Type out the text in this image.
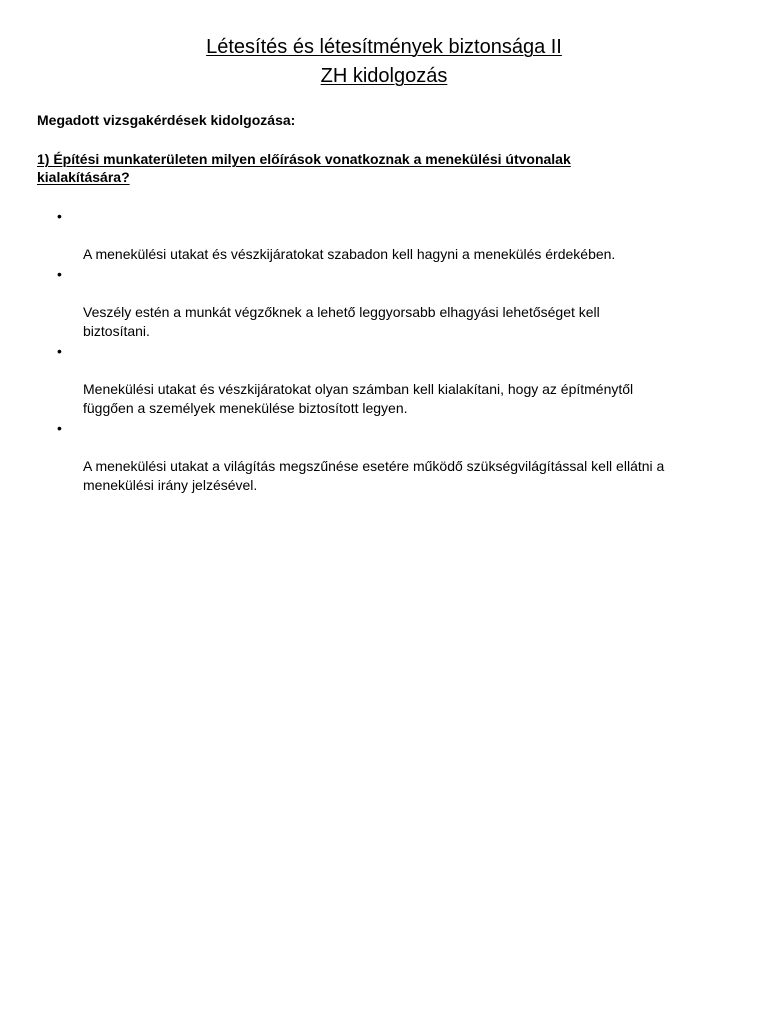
Létesítés és létesítmények biztonsága II
ZH kidolgozás
Megadott vizsgakérdések kidolgozása:
1) Építési munkaterületen milyen előírások vonatkoznak a menekülési útvonalak
kialakítására?

•

A menekülési utakat és vészkijáratokat szabadon kell hagyni a menekülés érdekében.

•

Veszély estén a munkát végzőknek a lehető leggyorsabb elhagyási lehetőséget kell
biztosítani.

•

Menekülési utakat és vészkijáratokat olyan számban kell kialakítani, hogy az építménytől
függően a személyek menekülése biztosított legyen.

•

A menekülési utakat a világítás megszűnése esetére működő szükségvilágítással kell ellátni a
menekülési irány jelzésével.
